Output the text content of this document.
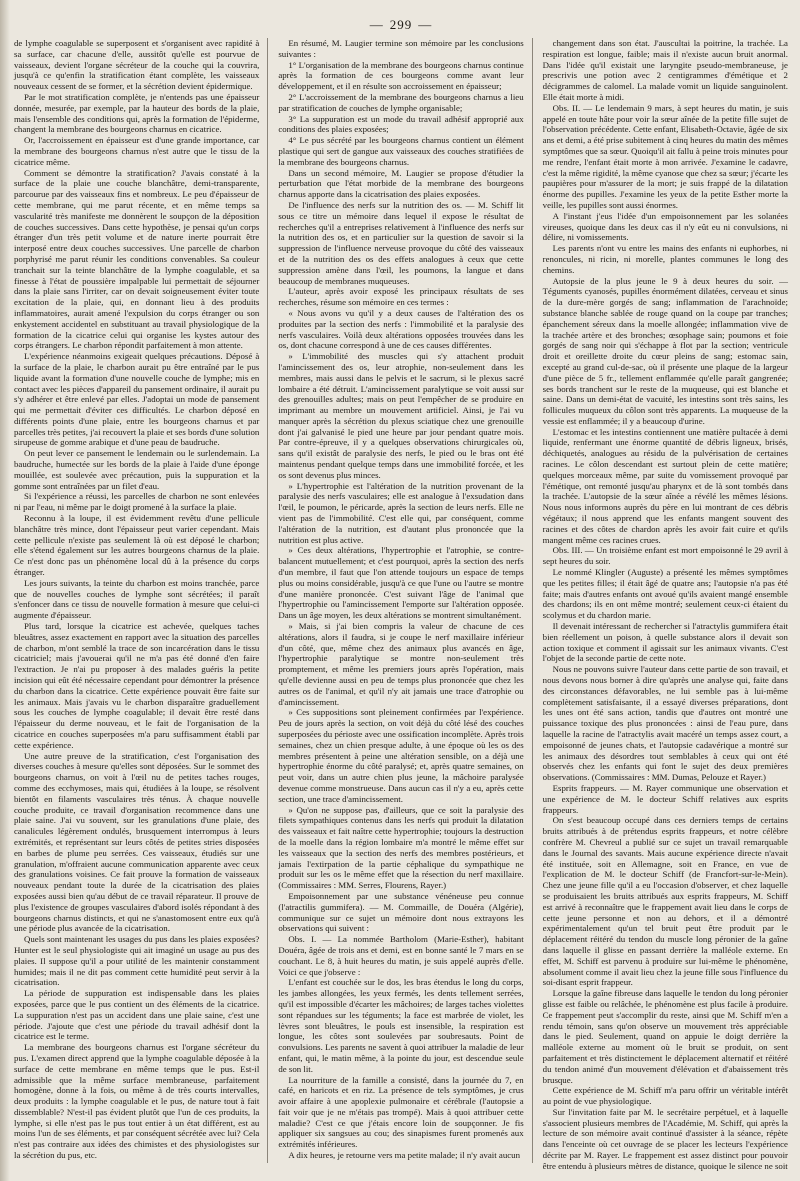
— 299 —

de lymphe coagulable se superposent et s'organisent avec rapidité à sa surface, car chacune d'elle, aussitôt qu'elle est pourvue de vaisseaux, devient l'organe sécréteur de la couche qui la couvrira, jusqu'à ce qu'enfin la stratification étant complète, les vaisseaux nouveaux cessent de se former, et la sécrétion devient épidermique.

Par le mot stratification complète, je n'entends pas une épaisseur donnée, mesurée, par exemple, par la hauteur des bords de la plaie, mais l'ensemble des conditions qui, après la formation de l'épiderme, changent la membrane des bourgeons charnus en cicatrice.

Or, l'accroissement en épaisseur est d'une grande importance, car la membrane des bourgeons charnus n'est autre que le tissu de la cicatrice même.

Comment se démontre la stratification? J'avais constaté à la surface de la plaie une couche blanchâtre, demi-transparente, parcourue par des vaisseaux fins et nombreux. Le peu d'épaisseur de cette membrane, qui me parut récente, et en même temps sa vascularité très manifeste me donnèrent le soupçon de la déposition de couches successives. Dans cette hypothèse, je pensai qu'un corps étranger d'un très petit volume et de nature inerte pourrait être interposé entre deux couches successives. Une parcelle de charbon porphyrisé me parut réunir les conditions convenables. Sa couleur tranchait sur la teinte blanchâtre de la lymphe coagulable, et sa finesse à l'état de poussière impalpable lui permettait de séjourner dans la plaie sans l'irriter, car on devait soigneusement éviter toute excitation de la plaie, qui, en donnant lieu à des produits inflammatoires, aurait amené l'expulsion du corps étranger ou son enkystement accidentel en substituant au travail physiologique de la formation de la cicatrice celui qui organise les kystes autour des corps étrangers. Le charbon répondit parfaitement à mon attente.

L'expérience néanmoins exigeait quelques précautions. Déposé à la surface de la plaie, le charbon aurait pu être entraîné par le pus liquide avant la formation d'une nouvelle couche de lymphe; mis en contact avec les pièces d'appareil du pansement ordinaire, il aurait pu s'y adhérer et être enlevé par elles. J'adoptai un mode de pansement qui me permettait d'éviter ces difficultés. Le charbon déposé en différents points d'une plaie, entre les bourgeons charnus et par parcelles très petites, j'ai recouvert la plaie et ses bords d'une solution sirupeuse de gomme arabique et d'une peau de baudruche.

On peut lever ce pansement le lendemain ou le surlendemain. La baudruche, humectée sur les bords de la plaie à l'aide d'une éponge mouillée, est soulevée avec précaution, puis la suppuration et la gomme sont entraînées par un filet d'eau.

Si l'expérience a réussi, les parcelles de charbon ne sont enlevées ni par l'eau, ni même par le doigt promené à la surface la plaie.

Reconnu à la loupe, il est évidemment revêtu d'une pellicule blanchâtre très mince, dont l'épaisseur peut varier cependant. Mais cette pellicule n'existe pas seulement là où est déposé le charbon; elle s'étend également sur les autres bourgeons charnus de la plaie. Ce n'est donc pas un phénomène local dû à la présence du corps étranger.

Les jours suivants, la teinte du charbon est moins tranchée, parce que de nouvelles couches de lymphe sont sécrétées; il paraît s'enfoncer dans ce tissu de nouvelle formation à mesure que celui-ci augmente d'épaisseur.

Plus tard, lorsque la cicatrice est achevée, quelques taches bleuâtres, assez exactement en rapport avec la situation des parcelles de charbon, m'ont semblé la trace de son incarcération dans le tissu cicatriciel; mais j'avouerai qu'il ne m'a pas été donné d'en faire l'extraction. Je n'ai pu proposer à des malades guéris la petite incision qui eût été nécessaire cependant pour démontrer la présence du charbon dans la cicatrice. Cette expérience pouvait être faite sur les animaux. Mais j'avais vu le charbon disparaître graduellement sous les couches de lymphe coagulable; il devait être resté dans l'épaisseur du derme nouveau, et le fait de l'organisation de la cicatrice en couches superposées m'a paru suffisamment établi par cette expérience.

Une autre preuve de la stratification, c'est l'organisation des diverses couches à mesure qu'elles sont déposées. Sur le sommet des bourgeons charnus, on voit à l'œil nu de petites taches rouges, comme des ecchymoses, mais qui, étudiées à la loupe, se résolvent bientôt en filaments vasculaires très ténus. À chaque nouvelle couche produite, ce travail d'organisation recommence dans une plaie saine. J'ai vu souvent, sur les granulations d'une plaie, des canalicules légèrement ondulés, brusquement interrompus à leurs extrémités, et représentant sur leurs côtés de petites stries disposées en barbes de plume peu serrées. Ces vaisseaux, étudiés sur une granulation, m'offraient aucune communication apparente avec ceux des granulations voisines. Ce fait prouve la formation de vaisseaux nouveaux pendant toute la durée de la cicatrisation des plaies exposées aussi bien qu'au début de ce travail réparateur. Il prouve de plus l'existence de groupes vasculaires d'abord isolés répondant à des bourgeons charnus distincts, et qui ne s'anastomosent entre eux qu'à une période plus avancée de la cicatrisation.

Quels sont maintenant les usages du pus dans les plaies exposées? Hunter est le seul physiologiste qui ait imaginé un usage au pus des plaies. Il suppose qu'il a pour utilité de les maintenir constamment humides; mais il ne dit pas comment cette humidité peut servir à la cicatrisation.

La période de suppuration est indispensable dans les plaies exposées, parce que le pus contient un des éléments de la cicatrice. La suppuration n'est pas un accident dans une plaie saine, c'est une période. J'ajoute que c'est une période du travail adhésif dont la cicatrice est le terme.

La membrane des bourgeons charnus est l'organe sécréteur du pus. L'examen direct apprend que la lymphe coagulable déposée à la surface de cette membrane en même temps que le pus. Est-il admissible que la même surface membraneuse, parfaitement homogène, donne à la fois, ou même à de très courts intervalles, deux produits : la lymphe coagulable et le pus, de nature tout à fait dissemblable? N'est-il pas évident plutôt que l'un de ces produits, la lymphe, si elle n'est pas le pus tout entier à un état différent, est au moins l'un de ses éléments, et par conséquent sécrétée avec lui? Cela n'est pas contraire aux idées des chimistes et des physiologistes sur la sécrétion du pus, etc.

En résumé, M. Laugier termine son mémoire par les conclusions suivantes :

1° L'organisation de la membrane des bourgeons charnus continue après la formation de ces bourgeons comme avant leur développement, et il en résulte son accroissement en épaisseur;

2° L'accroissement de la membrane des bourgeons charnus a lieu par stratification de couches de lymphe organisable;

3° La suppuration est un mode du travail adhésif approprié aux conditions des plaies exposées;

4° Le pus sécrété par les bourgeons charnus contient un élément plastique qui sert de gangue aux vaisseaux des couches stratifiées de la membrane des bourgeons charnus.

Dans un second mémoire, M. Laugier se propose d'étudier la perturbation que l'état morbide de la membrane des bourgeons charnus apporte dans la cicatrisation des plaies exposées.

De l'influence des nerfs sur la nutrition des os. — M. Schiff lit sous ce titre un mémoire dans lequel il expose le résultat de recherches qu'il a entreprises relativement à l'influence des nerfs sur la nutrition des os, et en particulier sur la question de savoir si la suppression de l'influence nerveuse provoque du côté des vaisseaux et de la nutrition des os des effets analogues à ceux que cette suppression amène dans l'œil, les poumons, la langue et dans beaucoup de membranes muqueuses.

L'auteur, après avoir exposé les principaux résultats de ses recherches, résume son mémoire en ces termes :

« Nous avons vu qu'il y a deux causes de l'altération des os produites par la section des nerfs : l'immobilité et la paralysie des nerfs vasculaires. Voilà deux altérations opposées trouvées dans les os, dont chacune correspond à une de ces causes différentes.

» L'immobilité des muscles qui s'y attachent produit l'amincissement des os, leur atrophie, non-seulement dans les membres, mais aussi dans le pelvis et le sacrum, si le plexus sacré lombaire a été détruit. L'amincissement paralytique se voit aussi sur des grenouilles adultes; mais on peut l'empêcher de se produire en imprimant au membre un mouvement artificiel. Ainsi, je l'ai vu manquer après la sécrétion du plexus sciatique chez une grenouille dont j'ai galvanisé le pied une heure par jour pendant quatre mois. Par contre-épreuve, il y a quelques observations chirurgicales où, sans qu'il existât de paralysie des nerfs, le pied ou le bras ont été maintenus pendant quelque temps dans une immobilité forcée, et les os sont devenus plus minces.

» L'hypertrophie est l'altération de la nutrition provenant de la paralysie des nerfs vasculaires; elle est analogue à l'exsudation dans l'œil, le poumon, le péricarde, après la section de leurs nerfs. Elle ne vient pas de l'immobilité. C'est elle qui, par conséquent, comme l'altération de la nutrition, est d'autant plus prononcée que la nutrition est plus active.

» Ces deux altérations, l'hypertrophie et l'atrophie, se contre-balancent mutuellement; et c'est pourquoi, après la section des nerfs d'un membre, il faut que l'on attende toujours un espace de temps plus ou moins considérable, jusqu'à ce que l'une ou l'autre se montre d'une manière prononcée. C'est suivant l'âge de l'animal que l'hypertrophie ou l'amincissement l'emporte sur l'altération opposée. Dans un âge moyen, les deux altérations se montrent simultanément.

» Mais, si j'ai bien compris la valeur de chacune de ces altérations, alors il faudra, si je coupe le nerf maxillaire inférieur d'un côté, que, même chez des animaux plus avancés en âge, l'hypertrophie paralytique se montre non-seulement très promptement, et même les premiers jours après l'opération, mais qu'elle devienne aussi en peu de temps plus prononcée que chez les autres os de l'animal, et qu'il n'y ait jamais une trace d'atrophie ou d'amincissement.

» Ces suppositions sont pleinement confirmées par l'expérience. Peu de jours après la section, on voit déjà du côté lésé des couches superposées du périoste avec une ossification incomplète. Après trois semaines, chez un chien presque adulte, à une époque où les os des membres présentent à peine une altération sensible, on a déjà une hypertrophie énorme du côté paralysé; et, après quatre semaines, on peut voir, dans un autre chien plus jeune, la mâchoire paralysée devenue comme monstrueuse. Dans aucun cas il n'y a eu, après cette section, une trace d'amincissement.

» Qu'on ne suppose pas, d'ailleurs, que ce soit la paralysie des filets sympathiques contenus dans les nerfs qui produit la dilatation des vaisseaux et fait naître cette hypertrophie; toujours la destruction de la moelle dans la région lombaire m'a montré le même effet sur les vaisseaux que la section des nerfs des membres postérieurs, et jamais l'extirpation de la partie céphalique du sympathique ne produit sur les os le même effet que la résection du nerf maxillaire. (Commissaires : MM. Serres, Flourens, Rayer.)

Empoisonnement par une substance vénéneuse peu connue (l'atractilis gummifera). — M. Commaille, de Douéra (Algérie), communique sur ce sujet un mémoire dont nous extrayons les observations qui suivent :

Obs. I. — La nommée Bartholom (Marie-Esther), habitant Douéra, âgée de trois ans et demi, est en bonne santé le 7 mars en se couchant. Le 8, à huit heures du matin, je suis appelé auprès d'elle. Voici ce que j'observe :

L'enfant est couchée sur le dos, les bras étendus le long du corps, les jambes allongées, les yeux fermés, les dents tellement serrées, qu'il est impossible d'écarter les mâchoires; de larges taches violettes sont répandues sur les téguments; la face est marbrée de violet, les lèvres sont bleuâtres, le pouls est insensible, la respiration est longue, les côtes sont soulevées par soubresauts. Point de convulsions. Les parents ne savent à quoi attribuer la maladie de leur enfant, qui, le matin même, à la pointe du jour, est descendue seule de son lit.

La nourriture de la famille a consisté, dans la journée du 7, en café, en haricots et en riz. La présence de tels symptômes, je crus avoir affaire à une apoplexie pulmonaire et cérébrale (l'autopsie a fait voir que je ne m'étais pas trompé). Mais à quoi attribuer cette maladie? C'est ce que j'étais encore loin de soupçonner. Je fis appliquer six sangsues au cou; des sinapismes furent promenés aux extrémités inférieures.

A dix heures, je retourne vers ma petite malade; il n'y avait aucun

changement dans son état. J'auscultai la poitrine, la trachée. La respiration est longue, faible; mais il n'existe aucun bruit anormal. Dans l'idée qu'il existait une laryngite pseudo-membraneuse, je prescrivis une potion avec 2 centigrammes d'émétique et 2 décigrammes de calomel. La malade vomit un liquide sanguinolent. Elle était morte à midi.

Obs. II. — Le lendemain 9 mars, à sept heures du matin, je suis appelé en toute hâte pour voir la sœur aînée de la petite fille sujet de l'observation précédente. Cette enfant, Elisabeth-Octavie, âgée de six ans et demi, a été prise subitement à cinq heures du matin des mêmes symptômes que sa sœur. Quoiqu'il ait fallu à peine trois minutes pour me rendre, l'enfant était morte à mon arrivée. J'examine le cadavre, c'est la même rigidité, la même cyanose que chez sa sœur; j'écarte les paupières pour m'assurer de la mort; je suis frappé de la dilatation énorme des pupilles. J'examine les yeux de la petite Esther morte la veille, les pupilles sont aussi énormes.

A l'instant j'eus l'idée d'un empoisonnement par les solanées vireuses, quoique dans les deux cas il n'y eût eu ni convulsions, ni délire, ni vomissements.

Les parents n'ont vu entre les mains des enfants ni euphorbes, ni renoncules, ni ricin, ni morelle, plantes communes le long des chemins.

Autopsie de la plus jeune le 9 à deux heures du soir. — Téguments cyanosés, pupilles énormément dilatées, cerveau et sinus de la dure-mère gorgés de sang; inflammation de l'arachnoïde; substance blanche sablée de rouge quand on la coupe par tranches; épanchement séreux dans la moelle allongée; inflammation vive de la trachée artère et des bronches; œsophage sain; poumons et foie gorgés de sang noir qui s'échappe à flot par la section; ventricule droit et oreillette droite du cœur pleins de sang; estomac sain, excepté au grand cul-de-sac, où il présente une plaque de la largeur d'une pièce de 5 fr., tellement enflammée qu'elle paraît gangrenée; ses bords tranchent sur le reste de la muqueuse, qui est blanche et saine. Dans un demi-état de vacuité, les intestins sont très sains, les follicules muqueux du côlon sont très apparents. La muqueuse de la vessie est enflammée; il y a beaucoup d'urine.

L'estomac et les intestins contiennent une matière pultacée à demi liquide, renfermant une énorme quantité de débris ligneux, brisés, déchiquetés, analogues au résidu de la pulvérisation de certaines racines. Le côlon descendant est surtout plein de cette matière; quelques morceaux même, par suite du vomissement provoqué par l'émétique, ont remonté jusqu'au pharynx et de là sont tombés dans la trachée. L'autopsie de la sœur aînée a révélé les mêmes lésions. Nous nous informons auprès du père en lui montrant de ces débris végétaux; il nous apprend que les enfants mangent souvent des racines et des côtes de chardon après les avoir fait cuire et qu'ils mangent même ces racines crues.

Obs. III. — Un troisième enfant est mort empoisonné le 29 avril à sept heures du soir.

Le nommé Klingler (Auguste) a présenté les mêmes symptômes que les petites filles; il était âgé de quatre ans; l'autopsie n'a pas été faite; mais d'autres enfants ont avoué qu'ils avaient mangé ensemble des chardons; ils en ont même montré; seulement ceux-ci étaient du scolymus et du chardon marie.

Il devenait intéressant de rechercher si l'atractylis gummifera était bien réellement un poison, à quelle substance alors il devait son action toxique et comment il agissait sur les animaux vivants. C'est l'objet de la seconde partie de cette note.

Nous ne pouvons suivre l'auteur dans cette partie de son travail, et nous devons nous borner à dire qu'après une analyse qui, faite dans des circonstances défavorables, ne lui semble pas à lui-même complètement satisfaisante, il a essayé diverses préparations, dont les unes ont été sans action, tandis que d'autres ont montré une puissance toxique des plus prononcées : ainsi de l'eau pure, dans laquelle la racine de l'atractylis avait macéré un temps assez court, a empoisonné de jeunes chats, et l'autopsie cadavérique a montré sur les animaux des désordres tout semblables à ceux qui ont été observés chez les enfants qui font le sujet des deux premières observations. (Commissaires : MM. Dumas, Pelouze et Rayer.)

Esprits frappeurs. — M. Rayer communique une observation et une expérience de M. le docteur Schiff relatives aux esprits frappeurs.

On s'est beaucoup occupé dans ces derniers temps de certains bruits attribués à de prétendus esprits frappeurs, et notre célèbre confrère M. Chevreul a publié sur ce sujet un travail remarquable dans le Journal des savants. Mais aucune expérience directe n'avait été instituée, soit en Allemagne, soit en France, en vue de l'explication de M. le docteur Schiff (de Francfort-sur-le-Mein). Chez une jeune fille qu'il a eu l'occasion d'observer, et chez laquelle se produisaient les bruits attribués aux esprits frappeurs, M. Schiff est arrivé à reconnaître que le frappement avait lieu dans le corps de cette jeune personne et non au dehors, et il a démontré expérimentalement qu'un tel bruit peut être produit par le déplacement réitéré du tendon du muscle long péronier de la gaîne dans laquelle il glisse en passant derrière la malléole externe. En effet, M. Schiff est parvenu à produire sur lui-même le phénomène, absolument comme il avait lieu chez la jeune fille sous l'influence du soi-disant esprit frappeur.

Lorsque la gaîne fibreuse dans laquelle le tendon du long péronier glisse est faible ou relâchée, le phénomène est plus facile à produire. Ce frappement peut s'accomplir du reste, ainsi que M. Schiff m'en a rendu témoin, sans qu'on observe un mouvement très appréciable dans le pied. Seulement, quand on appuie le doigt derrière la malléole externe au moment où le bruit se produit, on sent parfaitement et très distinctement le déplacement alternatif et réitéré du tendon animé d'un mouvement d'élévation et d'abaissement très brusque.

Cette expérience de M. Schiff m'a paru offrir un véritable intérêt au point de vue physiologique.

Sur l'invitation faite par M. le secrétaire perpétuel, et à laquelle s'associent plusieurs membres de l'Académie, M. Schiff, qui après la lecture de son mémoire avait continué d'assister à la séance, répète dans l'enceinte où cet ouvrage de se placer les lecteurs l'expérience décrite par M. Rayer. Le frappement est assez distinct pour pouvoir être entendu à plusieurs mètres de distance, quoique le silence ne soit
